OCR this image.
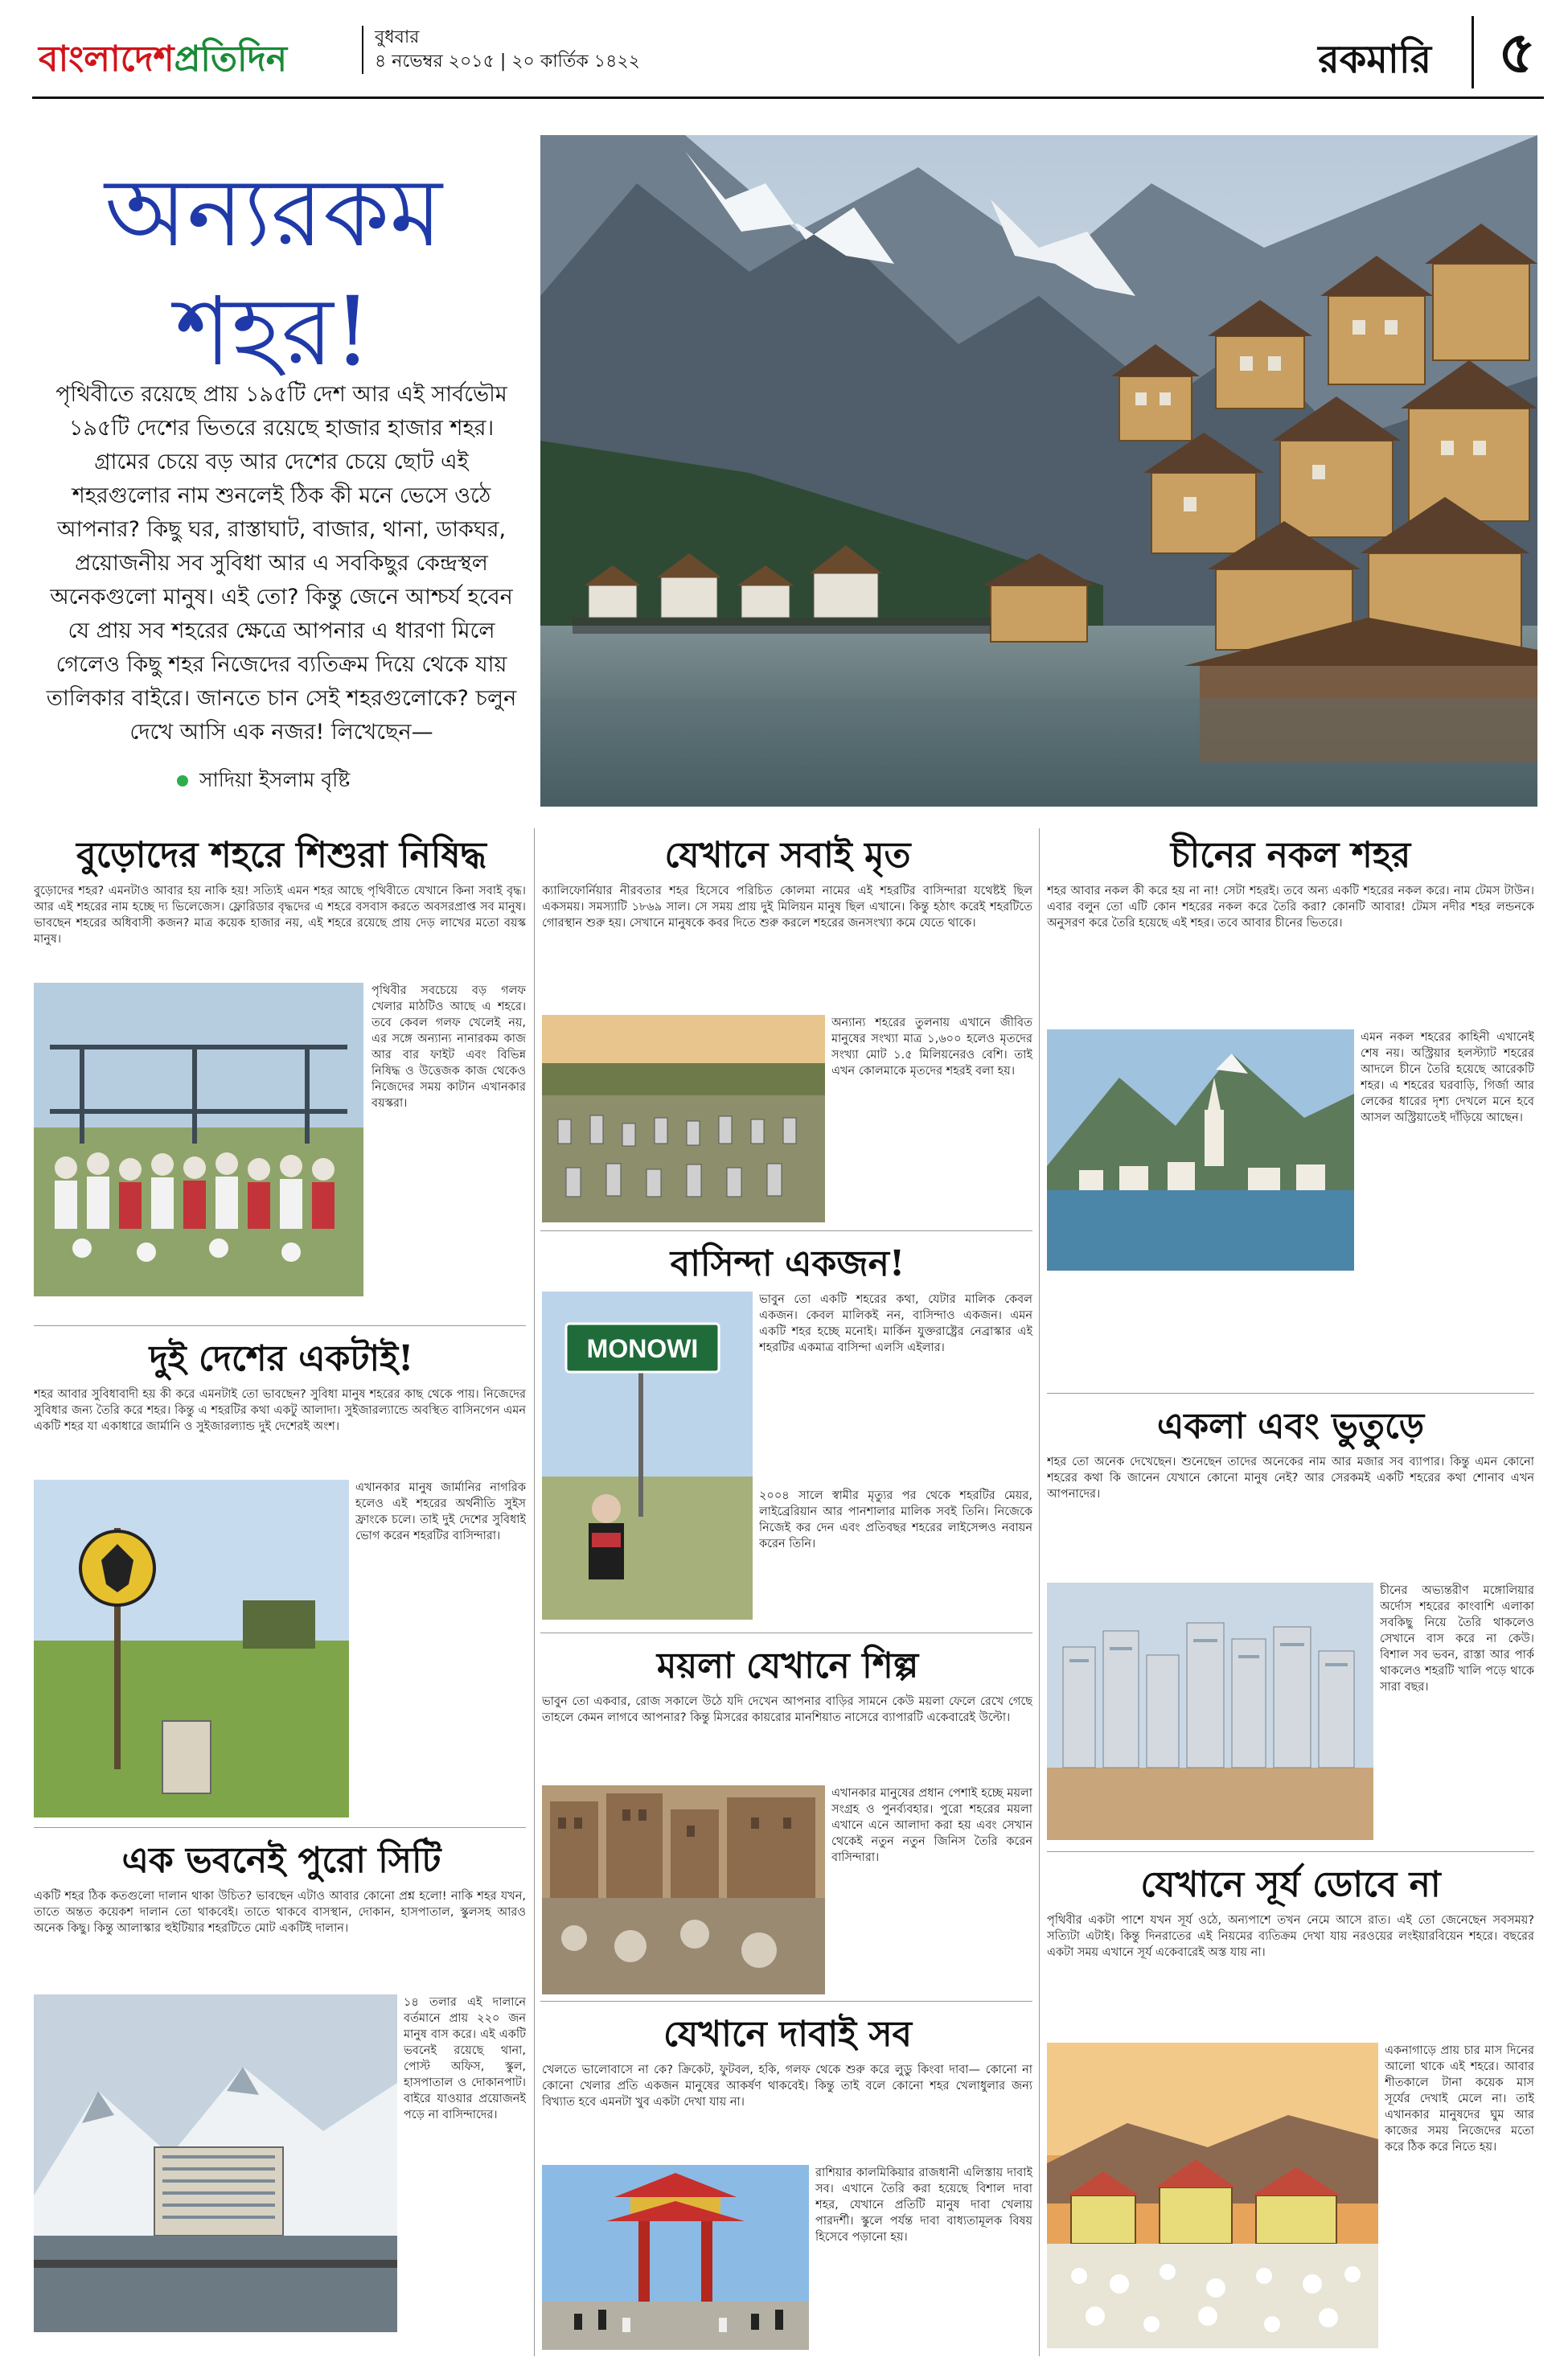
বাংলাদেশপ্রতিদিন
বুধবার
৪ নভেম্বর ২০১৫ | ২০ কার্তিক ১৪২২	রকমারি	৫
অন্যরকম
শহর!
পৃথিবীতে রয়েছে প্রায় ১৯৫টি দেশ আর এই সার্বভৌম ১৯৫টি দেশের ভিতরে রয়েছে হাজার হাজার শহর। গ্রামের চেয়ে বড় আর দেশের চেয়ে ছোট এই শহরগুলোর নাম শুনলেই ঠিক কী মনে ভেসে ওঠে আপনার? কিছু ঘর, রাস্তাঘাট, বাজার, থানা, ডাকঘর, প্রয়োজনীয় সব সুবিধা আর এ সবকিছুর কেন্দ্রস্থল অনেকগুলো মানুষ। এই তো? কিন্তু জেনে আশ্চর্য হবেন যে প্রায় সব শহরের ক্ষেত্রে আপনার এ ধারণা মিলে গেলেও কিছু শহর নিজেদের ব্যতিক্রম দিয়ে থেকে যায় তালিকার বাইরে। জানতে চান সেই শহরগুলোকে? চলুন দেখে আসি এক নজর! লিখেছেন—
সাদিয়া ইসলাম বৃষ্টি
বুড়োদের শহরে শিশুরা নিষিদ্ধ

বুড়োদের শহর? এমনটাও আবার হয় নাকি হয়! সত্যিই এমন শহর আছে পৃথিবীতে যেখানে কিনা সবাই বৃদ্ধ। আর এই শহরের নাম হচ্ছে দ্য ভিলেজেস। ফ্লোরিডার বৃদ্ধদের এ শহরে বসবাস করতে অবসরপ্রাপ্ত সব মানুষ। ভাবছেন শহরের অধিবাসী কজন? মাত্র কয়েক হাজার নয়, এই শহরে রয়েছে প্রায় দেড় লাখের মতো বয়স্ক মানুষ।

পৃথিবীর সবচেয়ে বড় গলফ খেলার মাঠটিও আছে এ শহরে। তবে কেবল গলফ খেলেই নয়, এর সঙ্গে অন্যান্য নানারকম কাজ আর বার ফাইট এবং বিভিন্ন নিষিদ্ধ ও উত্তেজক কাজ থেকেও নিজেদের সময় কাটান এখানকার বয়স্করা।

যেখানে সবাই মৃত

ক্যালিফোর্নিয়ার নীরবতার শহর হিসেবে পরিচিত কোলমা নামের এই শহরটির বাসিন্দারা যথেষ্টই ছিল একসময়। সমস্যাটি ১৮৬৯ সাল। সে সময় প্রায় দুই মিলিয়ন মানুষ ছিল এখানে। কিন্তু হঠাৎ করেই শহরটিতে গোরস্থান শুরু হয়। সেখানে মানুষকে কবর দিতে শুরু করলে শহরের জনসংখ্যা কমে যেতে থাকে।

অন্যান্য শহরের তুলনায় এখানে জীবিত মানুষের সংখ্যা মাত্র ১,৬০০ হলেও মৃতদের সংখ্যা মোট ১.৫ মিলিয়নেরও বেশি। তাই এখন কোলমাকে মৃতদের শহরই বলা হয়।

চীনের নকল শহর

শহর আবার নকল কী করে হয় না না! সেটা শহরই। তবে অন্য একটি শহরের নকল করে। নাম টেমস টাউন। এবার বলুন তো এটি কোন শহরের নকল করে তৈরি করা? কোনটি আবার! টেমস নদীর শহর লন্ডনকে অনুসরণ করে তৈরি হয়েছে এই শহর। তবে আবার চীনের ভিতরে।

এমন নকল শহরের কাহিনী এখানেই শেষ নয়। অস্ট্রিয়ার হলস্ট্যাট শহরের আদলে চীনে তৈরি হয়েছে আরেকটি শহর। এ শহরের ঘরবাড়ি, গির্জা আর লেকের ধারের দৃশ্য দেখলে মনে হবে আসল অস্ট্রিয়াতেই দাঁড়িয়ে আছেন।

বাসিন্দা একজন!
MONOWI

ভাবুন তো একটি শহরের কথা, যেটার মালিক কেবল একজন। কেবল মালিকই নন, বাসিন্দাও একজন। এমন একটি শহর হচ্ছে মনোই। মার্কিন যুক্তরাষ্ট্রের নেব্রাস্কার এই শহরটির একমাত্র বাসিন্দা এলসি এইলার।

২০০৪ সালে স্বামীর মৃত্যুর পর থেকে শহরটির মেয়র, লাইব্রেরিয়ান আর পানশালার মালিক সবই তিনি। নিজেকে নিজেই কর দেন এবং প্রতিবছর শহরের লাইসেন্সও নবায়ন করেন তিনি।

দুই দেশের একটাই!

শহর আবার সুবিধাবাদী হয় কী করে এমনটাই তো ভাবছেন? সুবিধা মানুষ শহরের কাছ থেকে পায়। নিজেদের সুবিধার জন্য তৈরি করে শহর। কিন্তু এ শহরটির কথা একটু আলাদা। সুইজারল্যান্ডে অবস্থিত বাসিনগেন এমন একটি শহর যা একাধারে জার্মানি ও সুইজারল্যান্ড দুই দেশেরই অংশ।

এখানকার মানুষ জার্মানির নাগরিক হলেও এই শহরের অর্থনীতি সুইস ফ্রাংকে চলে। তাই দুই দেশের সুবিধাই ভোগ করেন শহরটির বাসিন্দারা।

ময়লা যেখানে শিল্প

ভাবুন তো একবার, রোজ সকালে উঠে যদি দেখেন আপনার বাড়ির সামনে কেউ ময়লা ফেলে রেখে গেছে তাহলে কেমন লাগবে আপনার? কিন্তু মিসরের কায়রোর মানশিয়াত নাসেরে ব্যাপারটি একেবারেই উল্টো।

এখানকার মানুষের প্রধান পেশাই হচ্ছে ময়লা সংগ্রহ ও পুনর্ব্যবহার। পুরো শহরের ময়লা এখানে এনে আলাদা করা হয় এবং সেখান থেকেই নতুন নতুন জিনিস তৈরি করেন বাসিন্দারা।

একলা এবং ভুতুড়ে

শহর তো অনেক দেখেছেন। শুনেছেন তাদের অনেকের নাম আর মজার সব ব্যাপার। কিন্তু এমন কোনো শহরের কথা কি জানেন যেখানে কোনো মানুষ নেই? আর সেরকমই একটি শহরের কথা শোনাব এখন আপনাদের।

চীনের অভ্যন্তরীণ মঙ্গোলিয়ার অর্দোস শহরের কাংবাশি এলাকা সবকিছু নিয়ে তৈরি থাকলেও সেখানে বাস করে না কেউ। বিশাল সব ভবন, রাস্তা আর পার্ক থাকলেও শহরটি খালি পড়ে থাকে সারা বছর।

এক ভবনেই পুরো সিটি

একটি শহর ঠিক কতগুলো দালান থাকা উচিত? ভাবছেন এটাও আবার কোনো প্রশ্ন হলো! নাকি শহর যখন, তাতে অন্তত কয়েকশ দালান তো থাকবেই। তাতে থাকবে বাসস্থান, দোকান, হাসপাতাল, স্কুলসহ আরও অনেক কিছু। কিন্তু আলাস্কার হুইটিয়ার শহরটিতে মোট একটিই দালান।

১৪ তলার এই দালানে বর্তমানে প্রায় ২২০ জন মানুষ বাস করে। এই একটি ভবনেই রয়েছে থানা, পোস্ট অফিস, স্কুল, হাসপাতাল ও দোকানপাট। বাইরে যাওয়ার প্রয়োজনই পড়ে না বাসিন্দাদের।

যেখানে দাবাই সব

খেলতে ভালোবাসে না কে? ক্রিকেট, ফুটবল, হকি, গলফ থেকে শুরু করে লুডু কিংবা দাবা— কোনো না কোনো খেলার প্রতি একজন মানুষের আকর্ষণ থাকবেই। কিন্তু তাই বলে কোনো শহর খেলাধুলার জন্য বিখ্যাত হবে এমনটা খুব একটা দেখা যায় না।

রাশিয়ার কালমিকিয়ার রাজধানী এলিস্তায় দাবাই সব। এখানে তৈরি করা হয়েছে বিশাল দাবা শহর, যেখানে প্রতিটি মানুষ দাবা খেলায় পারদর্শী। স্কুলে পর্যন্ত দাবা বাধ্যতামূলক বিষয় হিসেবে পড়ানো হয়।

যেখানে সূর্য ডোবে না

পৃথিবীর একটা পাশে যখন সূর্য ওঠে, অন্যপাশে তখন নেমে আসে রাত। এই তো জেনেছেন সবসময়? সত্যিটা এটাই। কিন্তু দিনরাতের এই নিয়মের ব্যতিক্রম দেখা যায় নরওয়ের লংইয়ারবিয়েন শহরে। বছরের একটা সময় এখানে সূর্য একেবারেই অস্ত যায় না।

একনাগাড়ে প্রায় চার মাস দিনের আলো থাকে এই শহরে। আবার শীতকালে টানা কয়েক মাস সূর্যের দেখাই মেলে না। তাই এখানকার মানুষদের ঘুম আর কাজের সময় নিজেদের মতো করে ঠিক করে নিতে হয়।
